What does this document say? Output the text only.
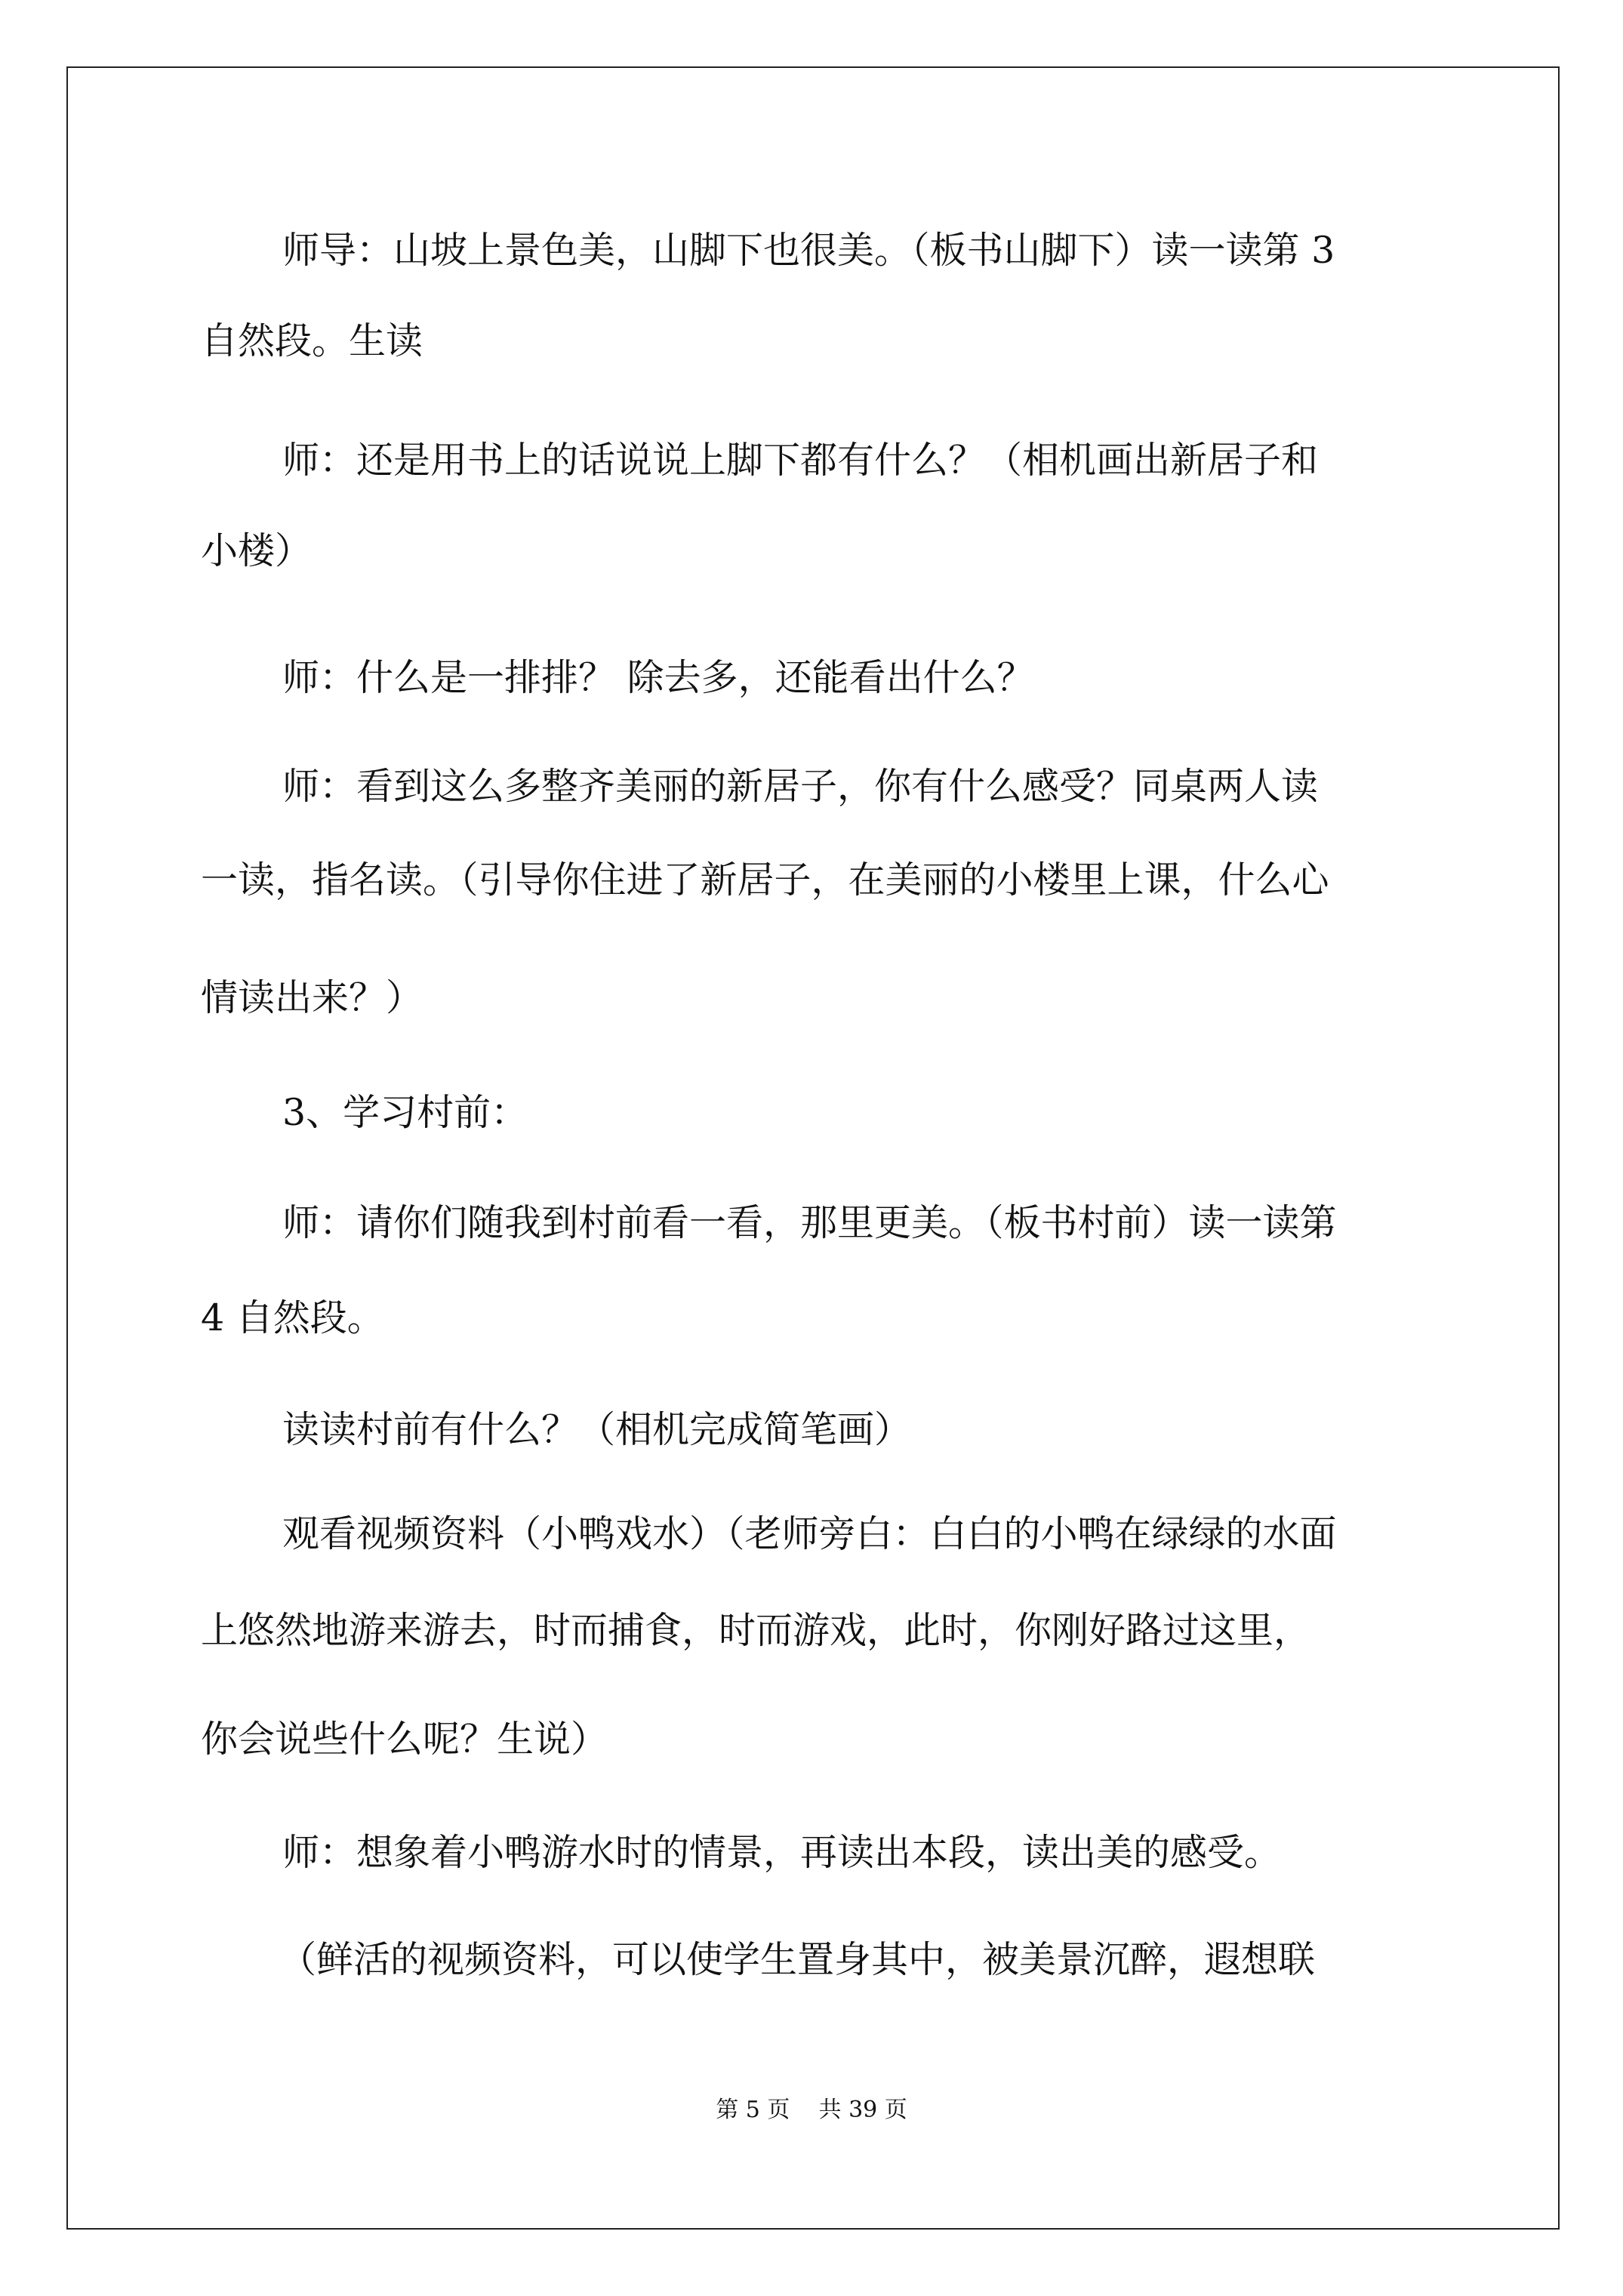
师导：山坡上景色美，山脚下也很美。（板书山脚下）读一读第 3
自然段。生读
师：还是用书上的话说说上脚下都有什么？（相机画出新居子和
小楼）
师：什么是一排排？ 除去多，还能看出什么？
师：看到这么多整齐美丽的新居子，你有什么感受？同桌两人读
一读，指名读。（引导你住进了新居子，在美丽的小楼里上课，什么心
情读出来？）
3、学习村前：
师：请你们随我到村前看一看，那里更美。（板书村前）读一读第
4 自然段。
读读村前有什么？（相机完成简笔画）
观看视频资料（小鸭戏水）（老师旁白：白白的小鸭在绿绿的水面
上悠然地游来游去，时而捕食，时而游戏，此时，你刚好路过这里，
你会说些什么呢？生说）
师：想象着小鸭游水时的情景，再读出本段，读出美的感受。
（鲜活的视频资料，可以使学生置身其中，被美景沉醉，遐想联
第 5 页 共 39 页
